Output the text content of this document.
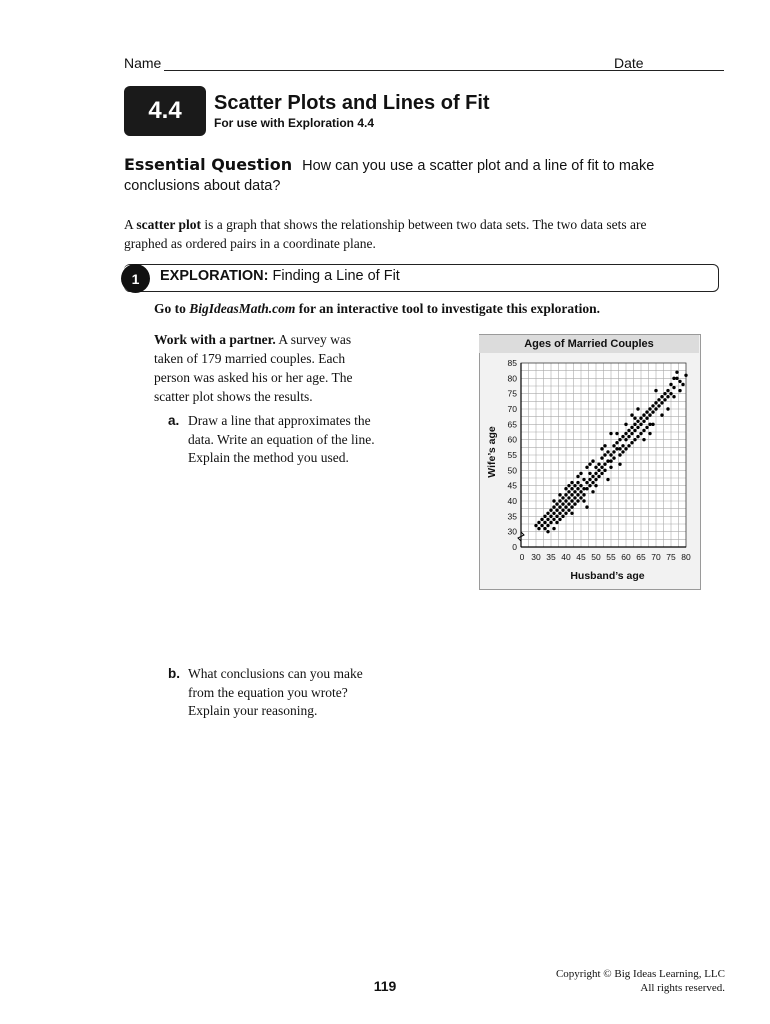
Name	Date
4.4	Scatter Plots and Lines of Fit
For use with Exploration 4.4
Essential Question How can you use a scatter plot and a line of fit to make conclusions about data?
A scatter plot is a graph that shows the relationship between two data sets. The two data sets are graphed as ordered pairs in a coordinate plane.
1	EXPLORATION: Finding a Line of Fit
Go to BigIdeasMath.com for an interactive tool to investigate this exploration.
Work with a partner. A survey was taken of 179 married couples. Each person was asked his or her age. The scatter plot shows the results.
a. Draw a line that approximates the data. Write an equation of the line. Explain the method you used.
b. What conclusions can you make from the equation you wrote? Explain your reasoning.
Ages of Married Couples
30 35 40 45 50 55 60 65 70 75 80
30
35
40
45
50
55
60
65
70
75
80
85
0
0
Husband’s age
Wife’s age
119
Copyright © Big Ideas Learning, LLC
All rights reserved.
